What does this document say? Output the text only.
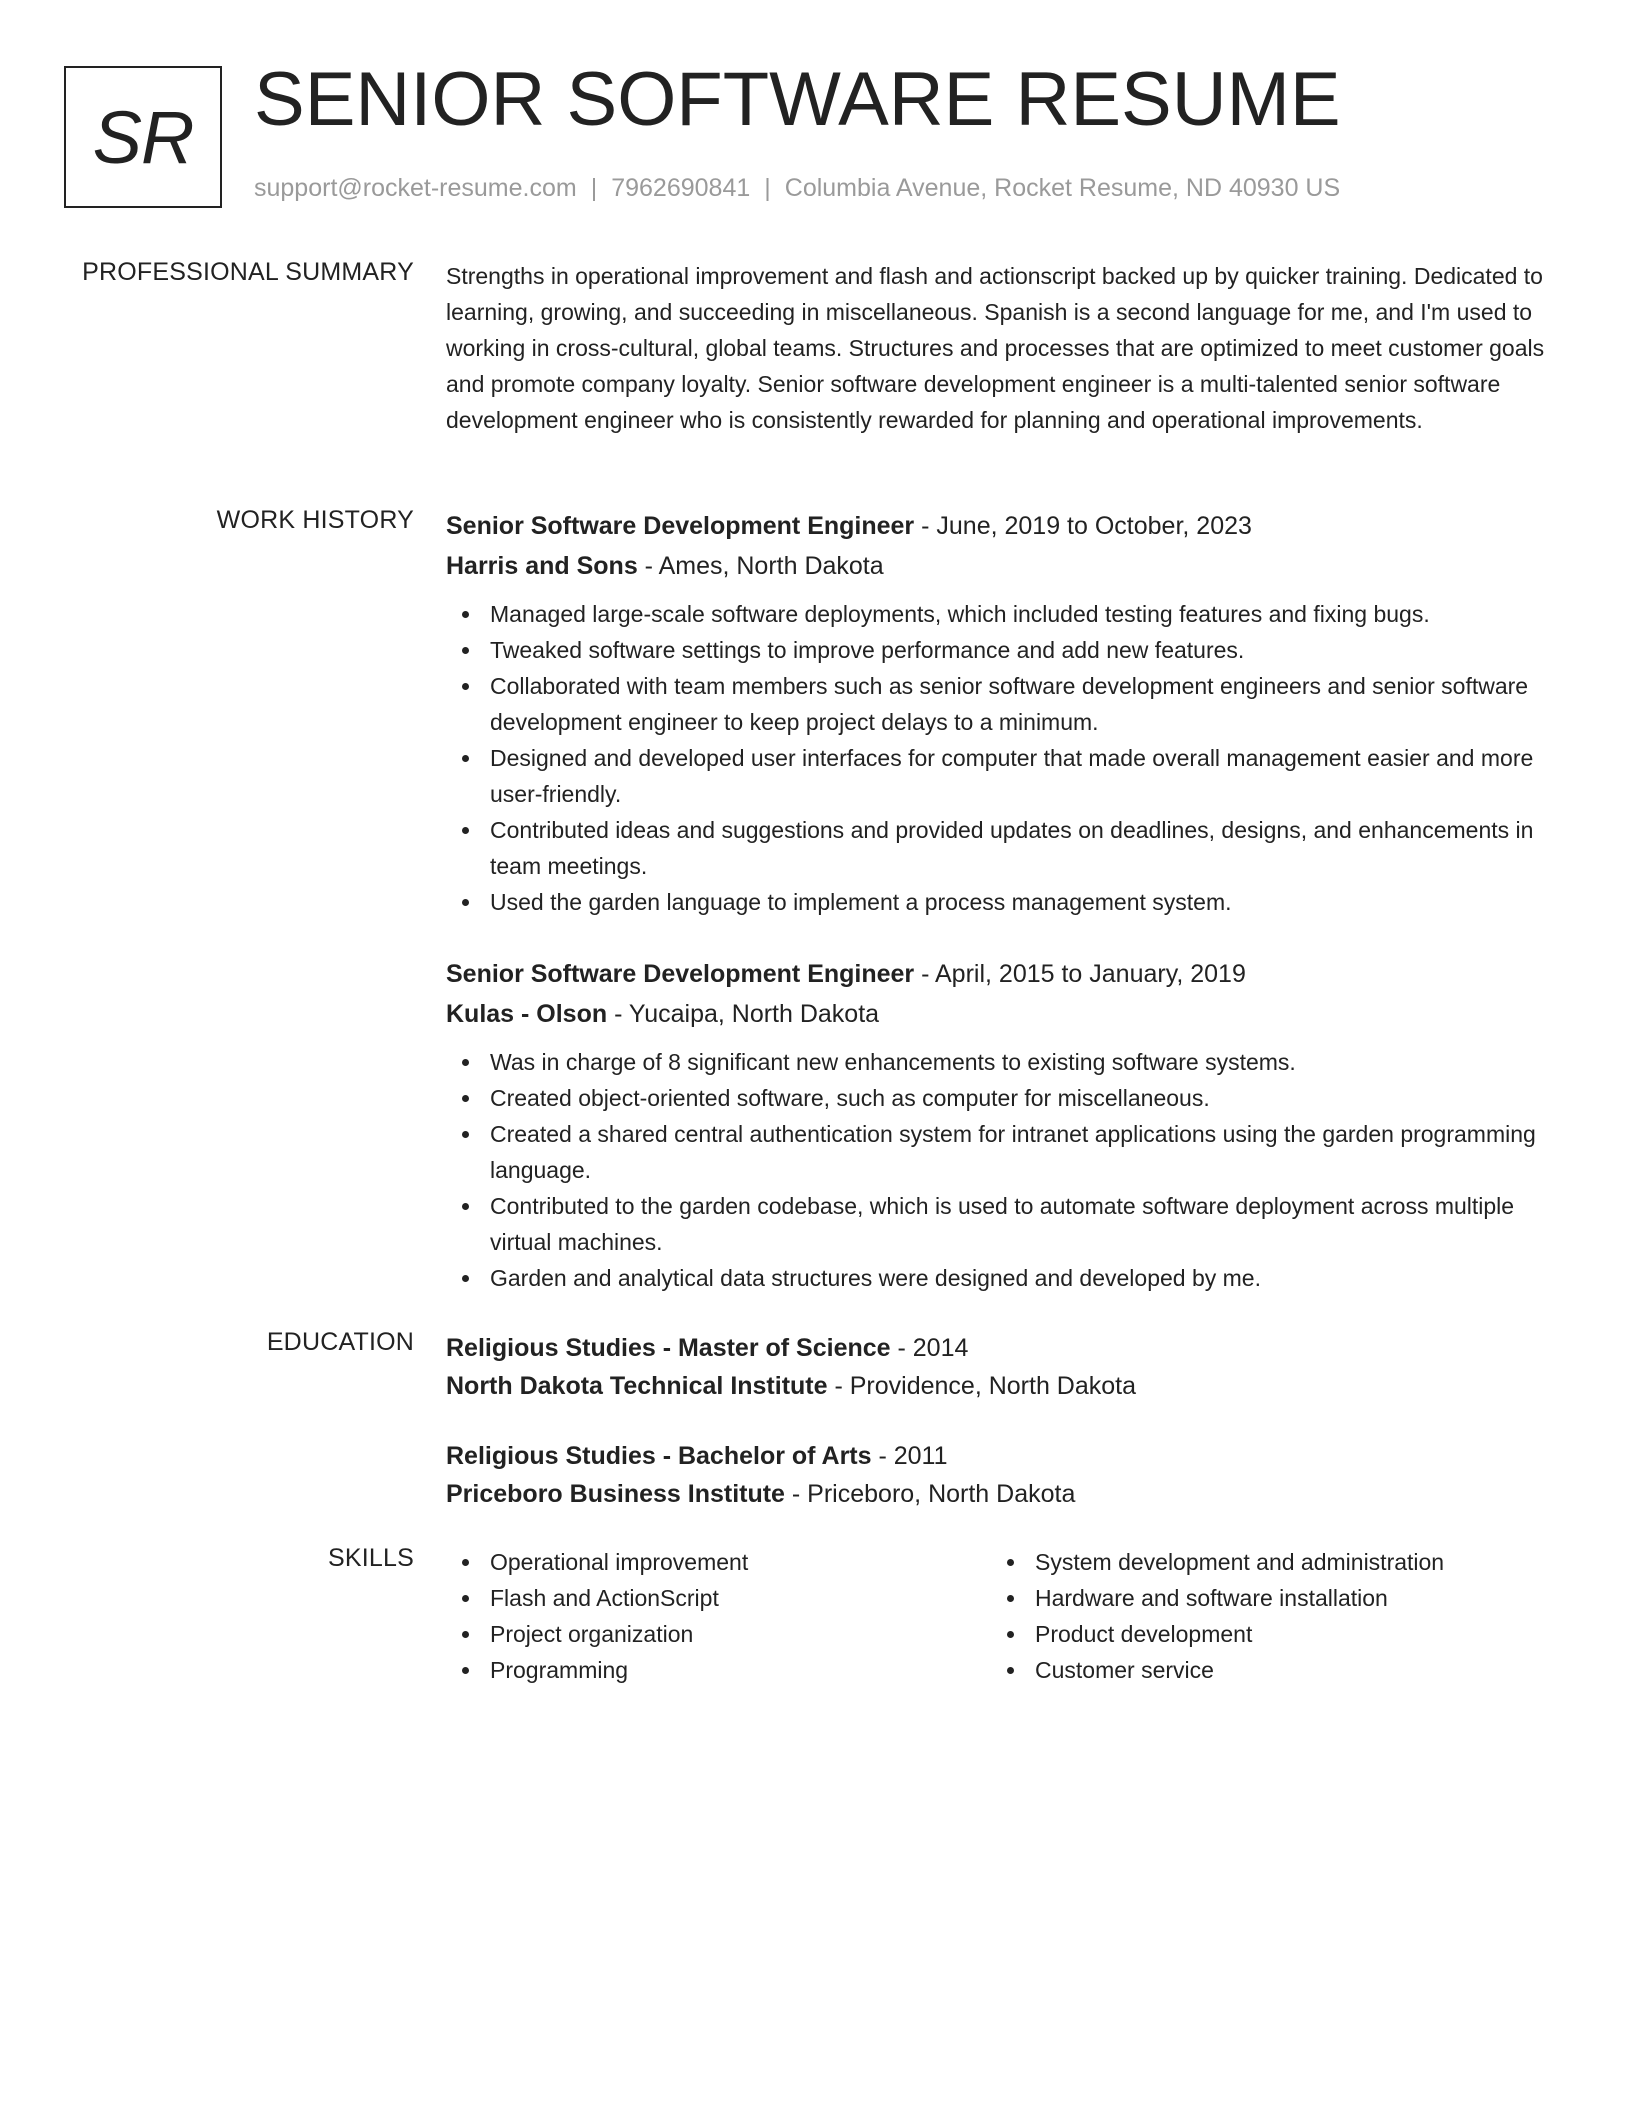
SR SENIOR SOFTWARE RESUME
support@rocket-resume.com | 7962690841 | Columbia Avenue, Rocket Resume, ND 40930 US
PROFESSIONAL SUMMARY Strengths in operational improvement and flash and actionscript backed up by quicker training. Dedicated to learning, growing, and succeeding in miscellaneous. Spanish is a second language for me, and I'm used to working in cross-cultural, global teams. Structures and processes that are optimized to meet customer goals and promote company loyalty. Senior software development engineer is a multi-talented senior software development engineer who is consistently rewarded for planning and operational improvements.
WORK HISTORY Senior Software Development Engineer - June, 2019 to October, 2023
Harris and Sons - Ames, North Dakota
Managed large-scale software deployments, which included testing features and fixing bugs.
Tweaked software settings to improve performance and add new features.
Collaborated with team members such as senior software development engineers and senior software development engineer to keep project delays to a minimum.
Designed and developed user interfaces for computer that made overall management easier and more user-friendly.
Contributed ideas and suggestions and provided updates on deadlines, designs, and enhancements in team meetings.
Used the garden language to implement a process management system.
Senior Software Development Engineer - April, 2015 to January, 2019
Kulas - Olson - Yucaipa, North Dakota
Was in charge of 8 significant new enhancements to existing software systems.
Created object-oriented software, such as computer for miscellaneous.
Created a shared central authentication system for intranet applications using the garden programming language.
Contributed to the garden codebase, which is used to automate software deployment across multiple virtual machines.
Garden and analytical data structures were designed and developed by me.
EDUCATION Religious Studies - Master of Science - 2014
North Dakota Technical Institute - Providence, North Dakota
Religious Studies - Bachelor of Arts - 2011
Priceboro Business Institute - Priceboro, North Dakota
SKILLS	Operational improvement
Flash and ActionScript
Project organization
Programming
System development and administration
Hardware and software installation
Product development
Customer service
